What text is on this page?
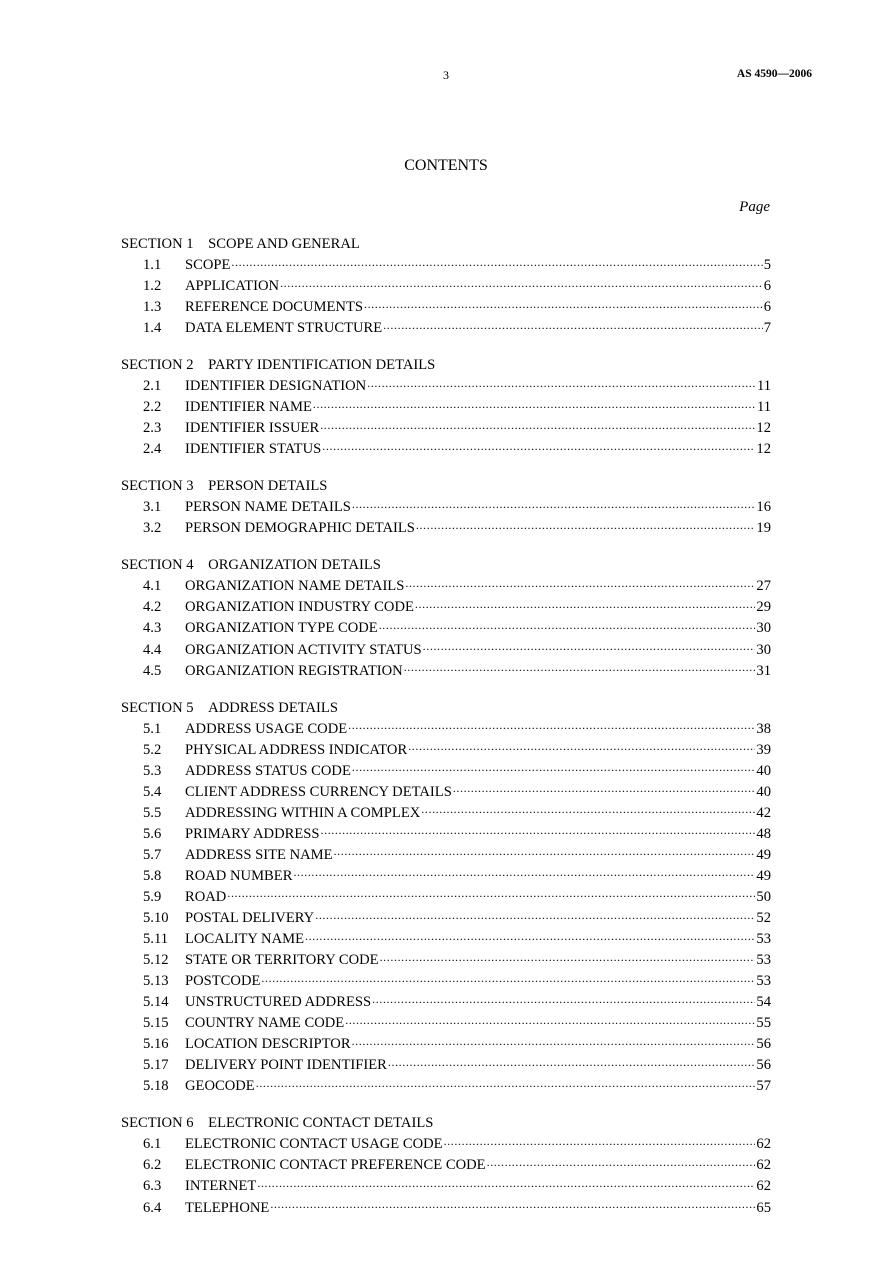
3	AS 4590—2006
CONTENTS
Page
SECTION 1 SCOPE AND GENERAL
1.1	SCOPE .....	5
1.2	APPLICATION .....	6
1.3	REFERENCE DOCUMENTS .....	6
1.4	DATA ELEMENT STRUCTURE .....	7
SECTION 2 PARTY IDENTIFICATION DETAILS
2.1	IDENTIFIER DESIGNATION .....	11
2.2	IDENTIFIER NAME .....	11
2.3	IDENTIFIER ISSUER .....	12
2.4	IDENTIFIER STATUS .....	12
SECTION 3 PERSON DETAILS
3.1	PERSON NAME DETAILS .....	16
3.2	PERSON DEMOGRAPHIC DETAILS .....	19
SECTION 4 ORGANIZATION DETAILS
4.1	ORGANIZATION NAME DETAILS .....	27
4.2	ORGANIZATION INDUSTRY CODE .....	29
4.3	ORGANIZATION TYPE CODE .....	30
4.4	ORGANIZATION ACTIVITY STATUS .....	30
4.5	ORGANIZATION REGISTRATION .....	31
SECTION 5 ADDRESS DETAILS
5.1	ADDRESS USAGE CODE .....	38
5.2	PHYSICAL ADDRESS INDICATOR .....	39
5.3	ADDRESS STATUS CODE .....	40
5.4	CLIENT ADDRESS CURRENCY DETAILS .....	40
5.5	ADDRESSING WITHIN A COMPLEX .....	42
5.6	PRIMARY ADDRESS .....	48
5.7	ADDRESS SITE NAME .....	49
5.8	ROAD NUMBER .....	49
5.9	ROAD .....	50
5.10	POSTAL DELIVERY .....	52
5.11	LOCALITY NAME .....	53
5.12	STATE OR TERRITORY CODE .....	53
5.13	POSTCODE .....	53
5.14	UNSTRUCTURED ADDRESS .....	54
5.15	COUNTRY NAME CODE .....	55
5.16	LOCATION DESCRIPTOR .....	56
5.17	DELIVERY POINT IDENTIFIER .....	56
5.18	GEOCODE .....	57
SECTION 6 ELECTRONIC CONTACT DETAILS
6.1	ELECTRONIC CONTACT USAGE CODE .....	62
6.2	ELECTRONIC CONTACT PREFERENCE CODE .....	62
6.3	INTERNET .....	62
6.4	TELEPHONE .....	65
